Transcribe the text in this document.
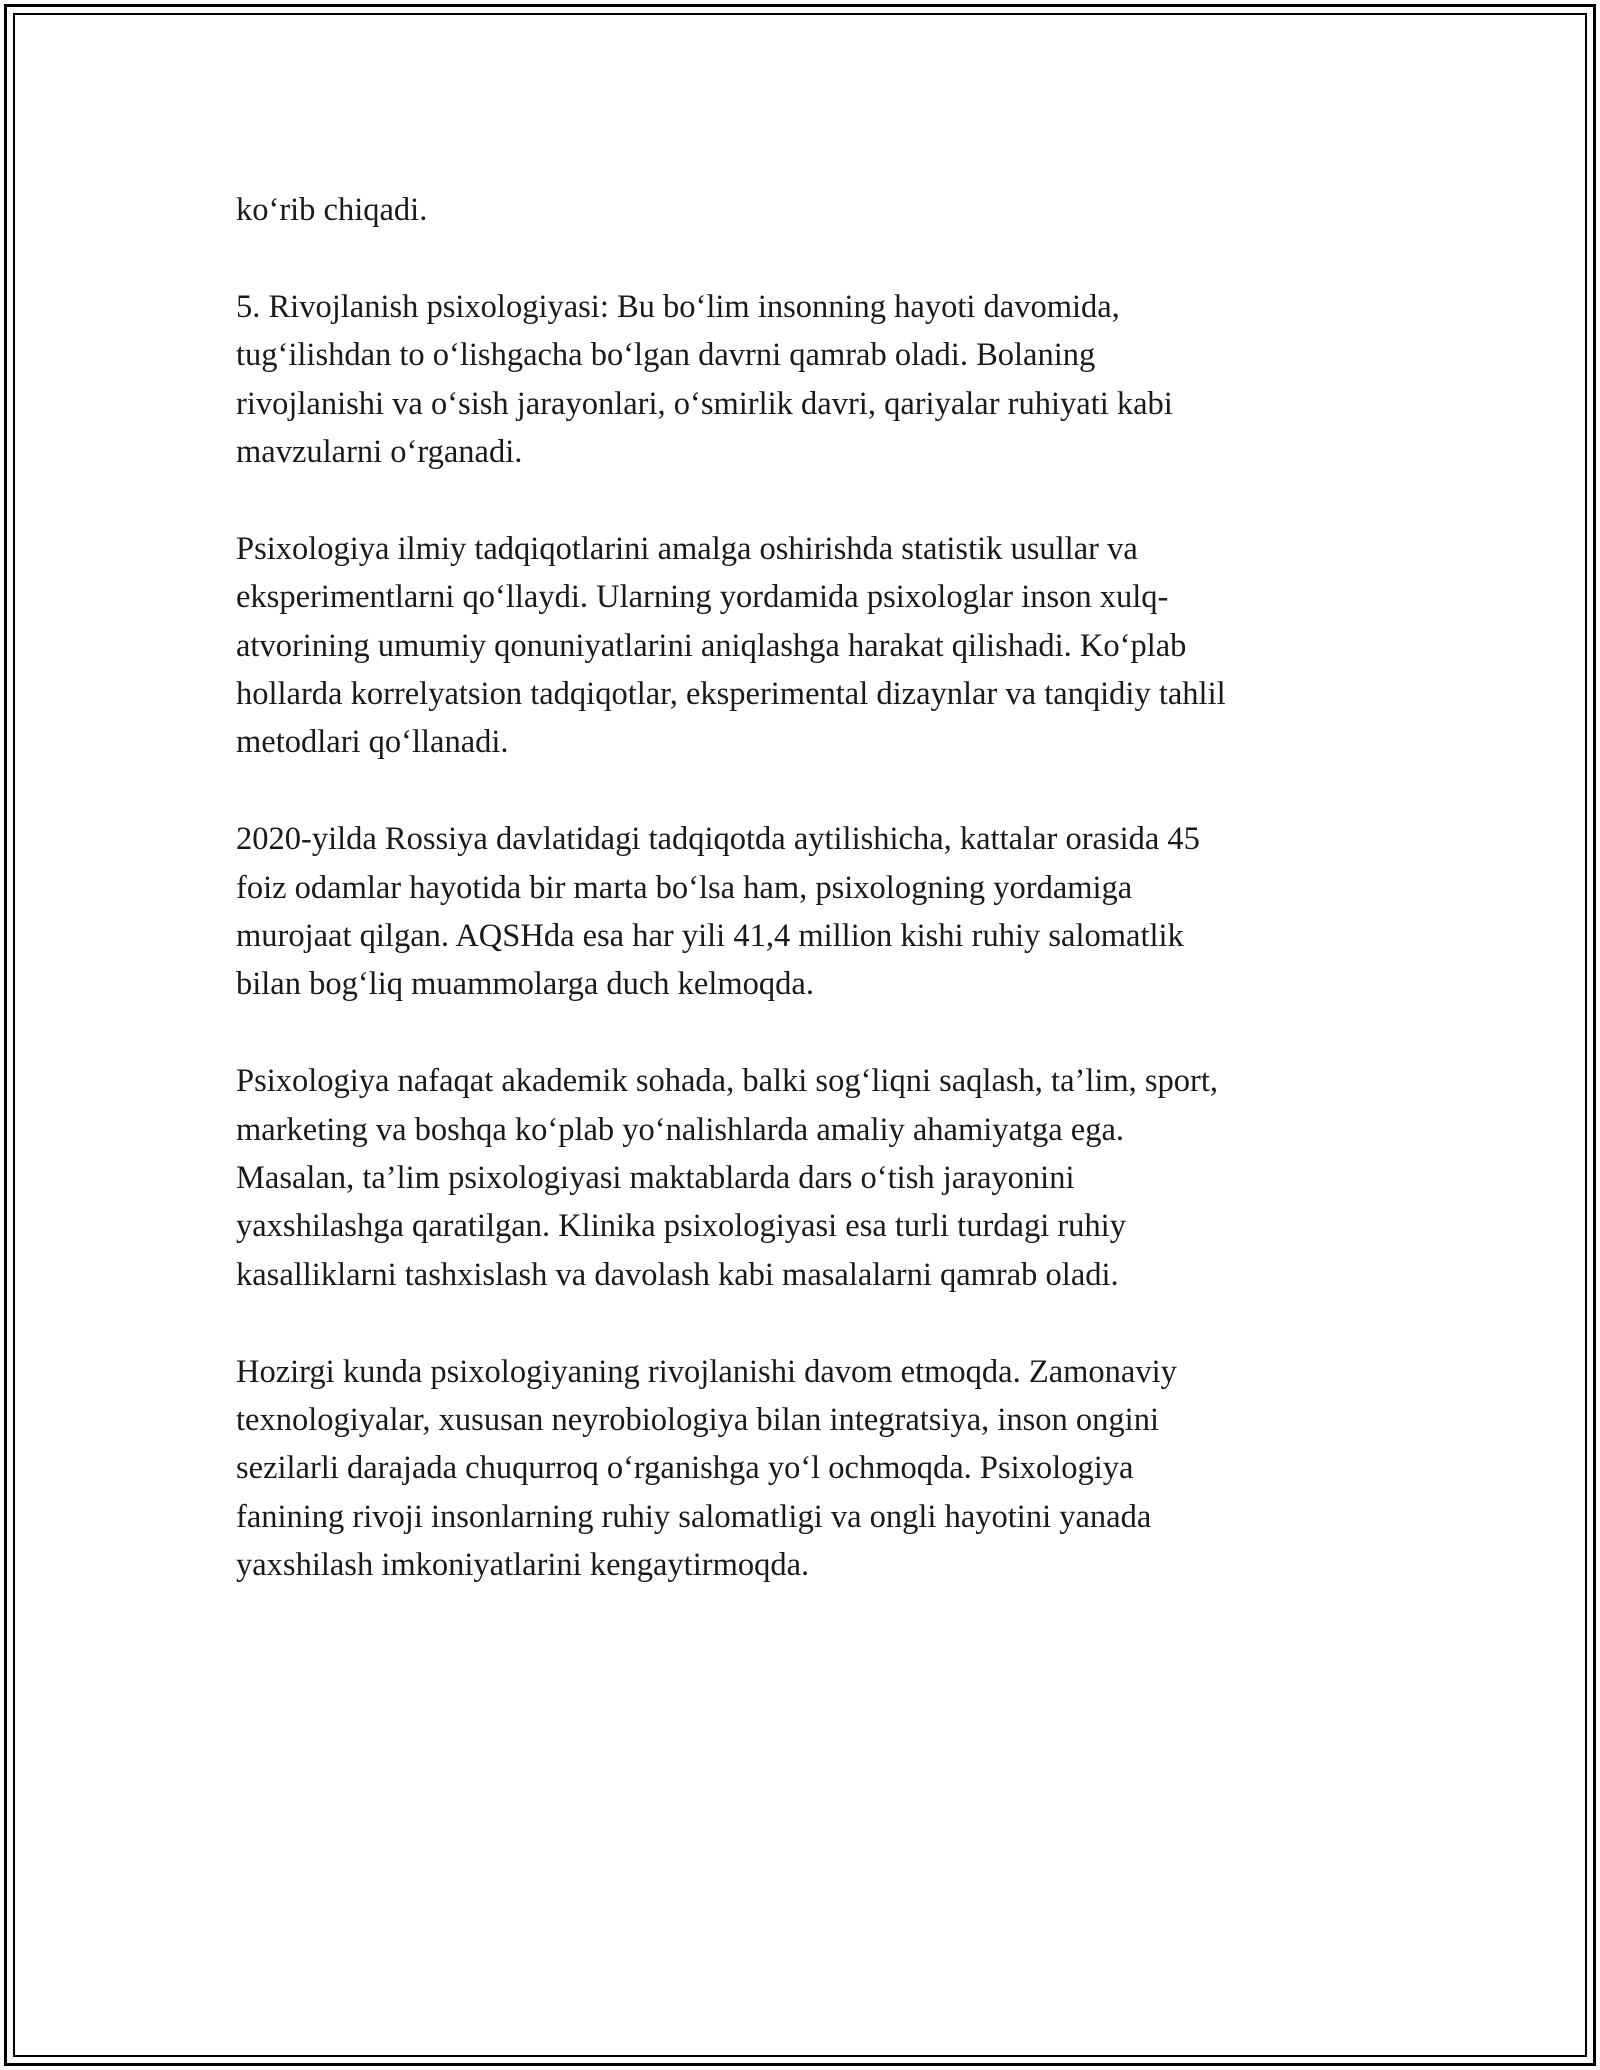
ko‘rib chiqadi.

5. Rivojlanish psixologiyasi: Bu bo‘lim insonning hayoti davomida,
tug‘ilishdan to o‘lishgacha bo‘lgan davrni qamrab oladi. Bolaning
rivojlanishi va o‘sish jarayonlari, o‘smirlik davri, qariyalar ruhiyati kabi
mavzularni o‘rganadi.

Psixologiya ilmiy tadqiqotlarini amalga oshirishda statistik usullar va
eksperimentlarni qo‘llaydi. Ularning yordamida psixologlar inson xulq-
atvorining umumiy qonuniyatlarini aniqlashga harakat qilishadi. Ko‘plab
hollarda korrelyatsion tadqiqotlar, eksperimental dizaynlar va tanqidiy tahlil
metodlari qo‘llanadi.

2020-yilda Rossiya davlatidagi tadqiqotda aytilishicha, kattalar orasida 45
foiz odamlar hayotida bir marta bo‘lsa ham, psixologning yordamiga
murojaat qilgan. AQSHda esa har yili 41,4 million kishi ruhiy salomatlik
bilan bog‘liq muammolarga duch kelmoqda.

Psixologiya nafaqat akademik sohada, balki sog‘liqni saqlash, ta’lim, sport,
marketing va boshqa ko‘plab yo‘nalishlarda amaliy ahamiyatga ega.
Masalan, ta’lim psixologiyasi maktablarda dars o‘tish jarayonini
yaxshilashga qaratilgan. Klinika psixologiyasi esa turli turdagi ruhiy
kasalliklarni tashxislash va davolash kabi masalalarni qamrab oladi.

Hozirgi kunda psixologiyaning rivojlanishi davom etmoqda. Zamonaviy
texnologiyalar, xususan neyrobiologiya bilan integratsiya, inson ongini
sezilarli darajada chuqurroq o‘rganishga yo‘l ochmoqda. Psixologiya
fanining rivoji insonlarning ruhiy salomatligi va ongli hayotini yanada
yaxshilash imkoniyatlarini kengaytirmoqda.
